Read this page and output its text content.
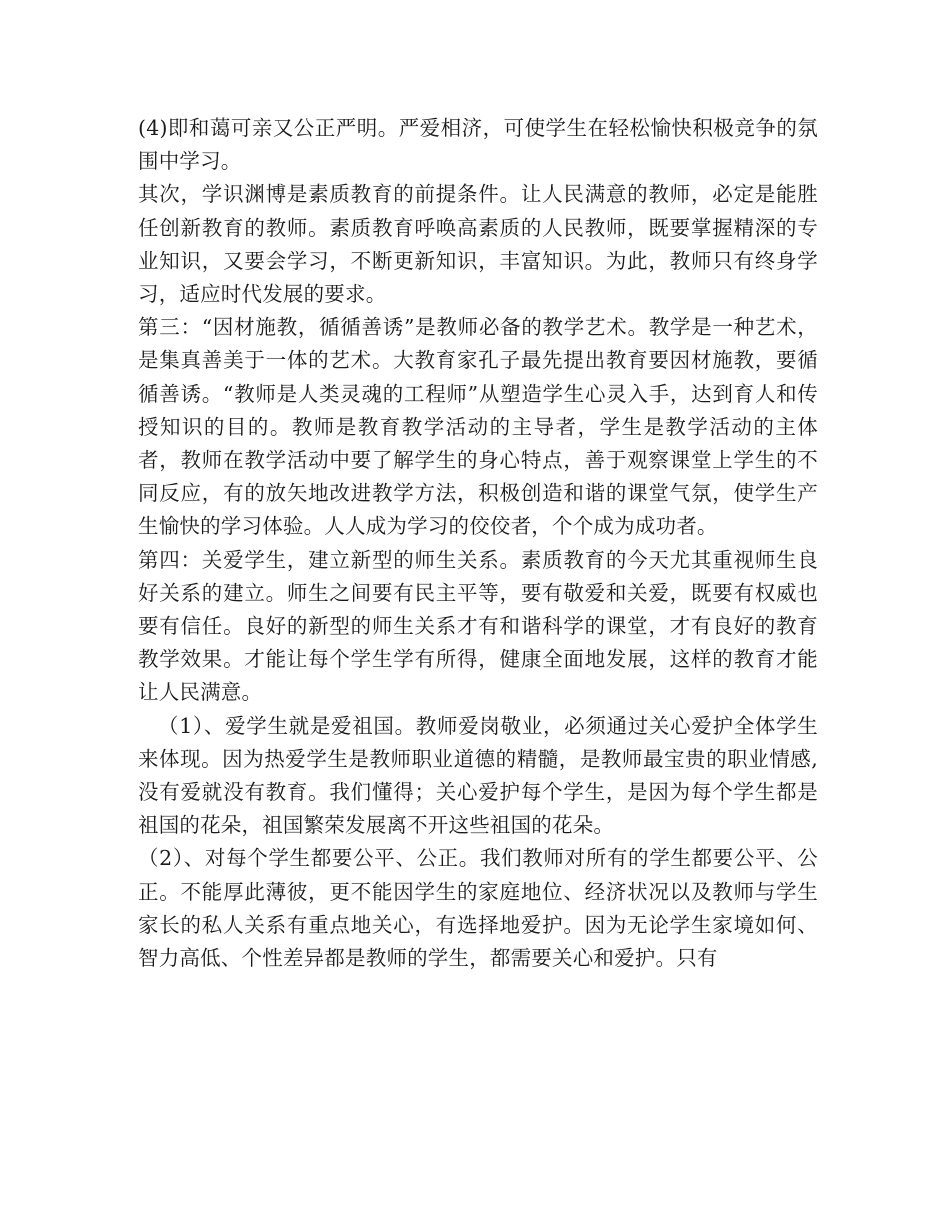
(4)即和蔼可亲又公正严明。严爱相济，可使学生在轻松愉快积极竞争的氛围中学习。

其次，学识渊博是素质教育的前提条件。让人民满意的教师，必定是能胜任创新教育的教师。素质教育呼唤高素质的人民教师，既要掌握精深的专业知识，又要会学习，不断更新知识，丰富知识。为此，教师只有终身学习，适应时代发展的要求。

第三：“因材施教，循循善诱”是教师必备的教学艺术。教学是一种艺术，是集真善美于一体的艺术。大教育家孔子最先提出教育要因材施教，要循循善诱。“教师是人类灵魂的工程师”从塑造学生心灵入手，达到育人和传授知识的目的。教师是教育教学活动的主导者，学生是教学活动的主体者，教师在教学活动中要了解学生的身心特点，善于观察课堂上学生的不同反应，有的放矢地改进教学方法，积极创造和谐的课堂气氛，使学生产生愉快的学习体验。人人成为学习的佼佼者，个个成为成功者。

第四：关爱学生，建立新型的师生关系。素质教育的今天尤其重视师生良好关系的建立。师生之间要有民主平等，要有敬爱和关爱，既要有权威也要有信任。良好的新型的师生关系才有和谐科学的课堂，才有良好的教育教学效果。才能让每个学生学有所得，健康全面地发展，这样的教育才能让人民满意。

（1）、爱学生就是爱祖国。教师爱岗敬业，必须通过关心爱护全体学生来体现。因为热爱学生是教师职业道德的精髓，是教师最宝贵的职业情感,没有爱就没有教育。我们懂得；关心爱护每个学生，是因为每个学生都是祖国的花朵，祖国繁荣发展离不开这些祖国的花朵。

（2）、对每个学生都要公平、公正。我们教师对所有的学生都要公平、公正。不能厚此薄彼，更不能因学生的家庭地位、经济状况以及教师与学生家长的私人关系有重点地关心，有选择地爱护。因为无论学生家境如何、智力高低、个性差异都是教师的学生，都需要关心和爱护。只有
